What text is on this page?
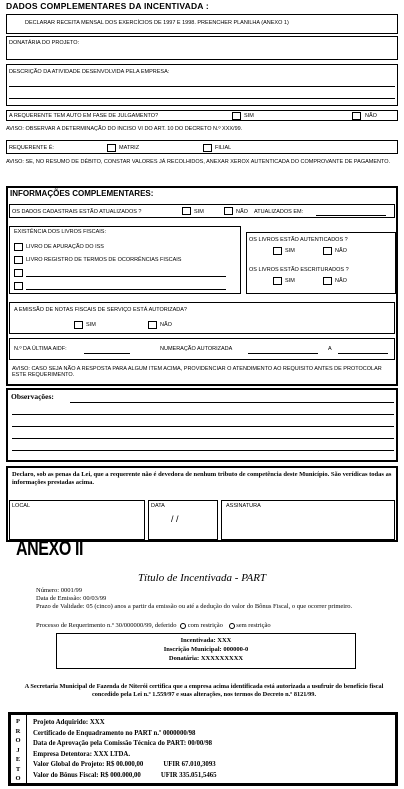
DADOS COMPLEMENTARES DA INCENTIVADA :
DECLARAR RECEITA MENSAL DOS EXERCÍCIOS DE 1997 E 1998. PREENCHER PLANILHA (ANEXO 1)
DONATÁRIA DO PROJETO:
DESCRIÇÃO DA ATIVIDADE DESENVOLVIDA PELA EMPRESA:
A REQUERENTE TEM AUTO EM FASE DE JULGAMENTO?	SIM	NÃO
AVISO: OBSERVAR A DETERMINAÇÃO DO INCISO VI DO ART. 10 DO DECRETO N.º XXX/99.
REQUERENTE É:	MATRIZ	FILIAL
AVISO: SE, NO RESUMO DE DÉBITO, CONSTAR VALORES JÁ RECOLHIDOS, ANEXAR XEROX AUTENTICADA DO COMPROVANTE DE PAGAMENTO.
INFORMAÇÕES COMPLEMENTARES:
OS DADOS CADASTRAIS ESTÃO ATUALIZADOS ?	SIM	NÃO ATUALIZADOS EM:
EXISTÊNCIA DOS LIVROS FISCAIS:
LIVRO DE APURAÇÃO DO ISS
LIVRO REGISTRO DE TERMOS DE OCORRÊNCIAS FISCAIS
OS LIVROS ESTÃO AUTENTICADOS ?
SIM	NÃO
OS LIVROS ESTÃO ESCRITURADOS ?
SIM	NÃO
A EMISSÃO DE NOTAS FISCAIS DE SERVIÇO ESTÁ AUTORIZADA?
SIM	NÃO
N.º DA ÚLTIMA AIDF:	NUMERAÇÃO AUTORIZADA	A
AVISO: CASO SEJA NÃO A RESPOSTA PARA ALGUM ITEM ACIMA, PROVIDENCIAR O ATENDIMENTO AO REQUISITO ANTES DE PROTOCOLAR ESTE REQUERIMENTO.
Observações:
Declaro, sob as penas da Lei, que a requerente não é devedora de nenhum tributo de competência deste Município. São verídicas todas as informações prestadas acima.
LOCAL	DATA
/ /
ASSINATURA
ANEXO II
Título de Incentivada - PART
Número: 0001/99
Data de Emissão: 00/03/99
Prazo de Validade: 05 (cinco) anos a partir da emissão ou até a dedução do valor do Bônus Fiscal, o que ocorrer primeiro.
Processo de Requerimento n.º 30/000000/99, deferido com restrição sem restrição
Incentivada: XXX
Inscrição Municipal: 000000-0
Donatária: XXXXXXXXX
A Secretaria Municipal de Fazenda de Niterói certifica que a empresa acima identificada está autorizada a usufruir do benefício fiscal concedido pela Lei n.º 1.559/97 e suas alterações, nos termos do Decreto n.º 8121/99.
P
R
O
J
E
T
O
Projeto Adquirido: XXX
Certificado de Enquadramento no PART n.º 0000000/98
Data de Aprovação pela Comissão Técnica do PART: 00/00/98
Empresa Detentora: XXX LTDA.
Valor Global do Projeto: R$ 00.000,00	UFIR 67.010,3093
Valor do Bônus Fiscal: R$ 000.000,00	UFIR 335.051,5465
